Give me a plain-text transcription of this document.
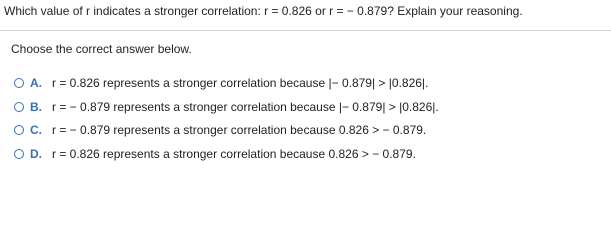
Which value of r indicates a stronger correlation: r = 0.826 or r = − 0.879? Explain your reasoning.
Choose the correct answer below.
A. r = 0.826 represents a stronger correlation because |− 0.879| > |0.826|.
B. r = − 0.879 represents a stronger correlation because |− 0.879| > |0.826|.
C. r = − 0.879 represents a stronger correlation because 0.826 > − 0.879.
D. r = 0.826 represents a stronger correlation because 0.826 > − 0.879.
